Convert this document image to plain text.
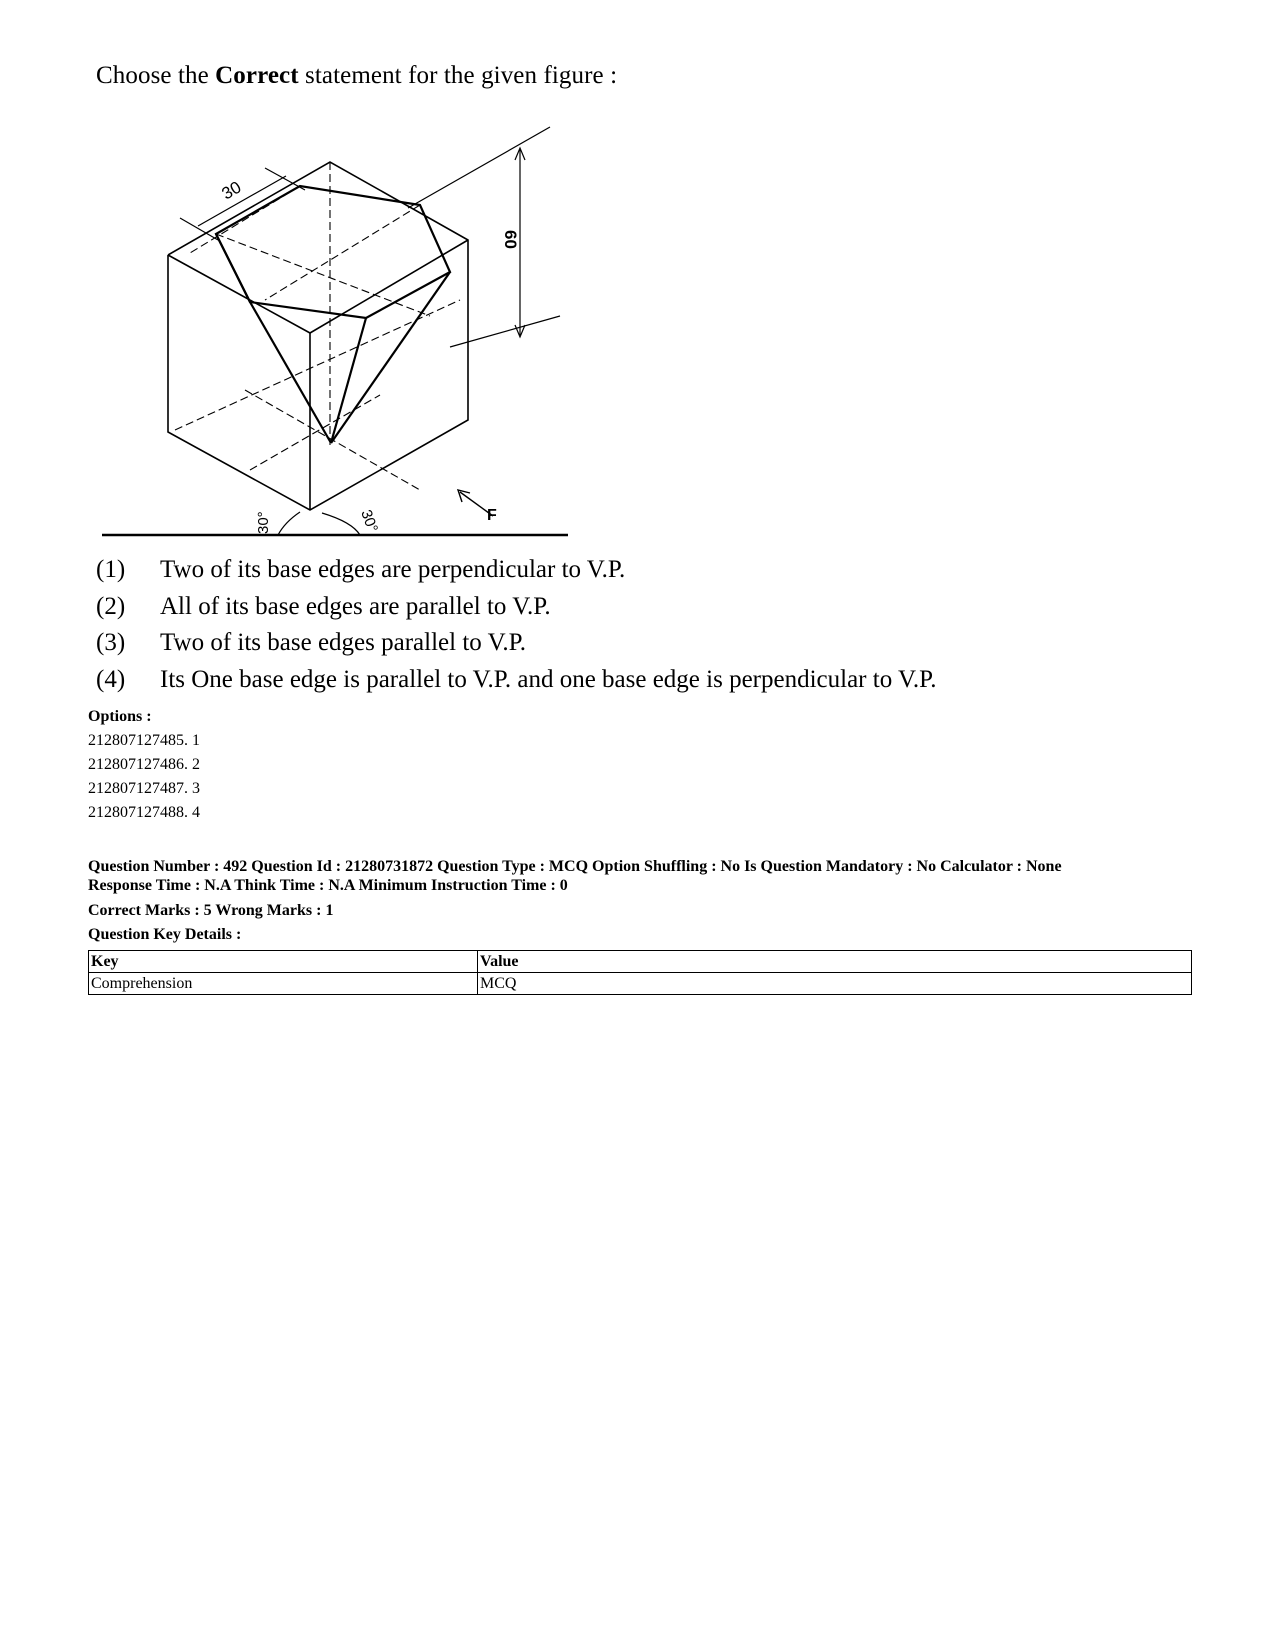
Choose the Correct statement for the given figure :
30
60
30°	30°	F
(1)	Two of its base edges are perpendicular to V.P.
(2)	All of its base edges are parallel to V.P.
(3)	Two of its base edges parallel to V.P.
(4)	Its One base edge is parallel to V.P. and one base edge is perpendicular to V.P.
Options :
212807127485. 1
212807127486. 2
212807127487. 3
212807127488. 4
Question Number : 492 Question Id : 21280731872 Question Type : MCQ Option Shuffling : No Is Question Mandatory : No Calculator : None
Response Time : N.A Think Time : N.A Minimum Instruction Time : 0
Correct Marks : 5 Wrong Marks : 1
Question Key Details :
Key	Value
Comprehension	MCQ
